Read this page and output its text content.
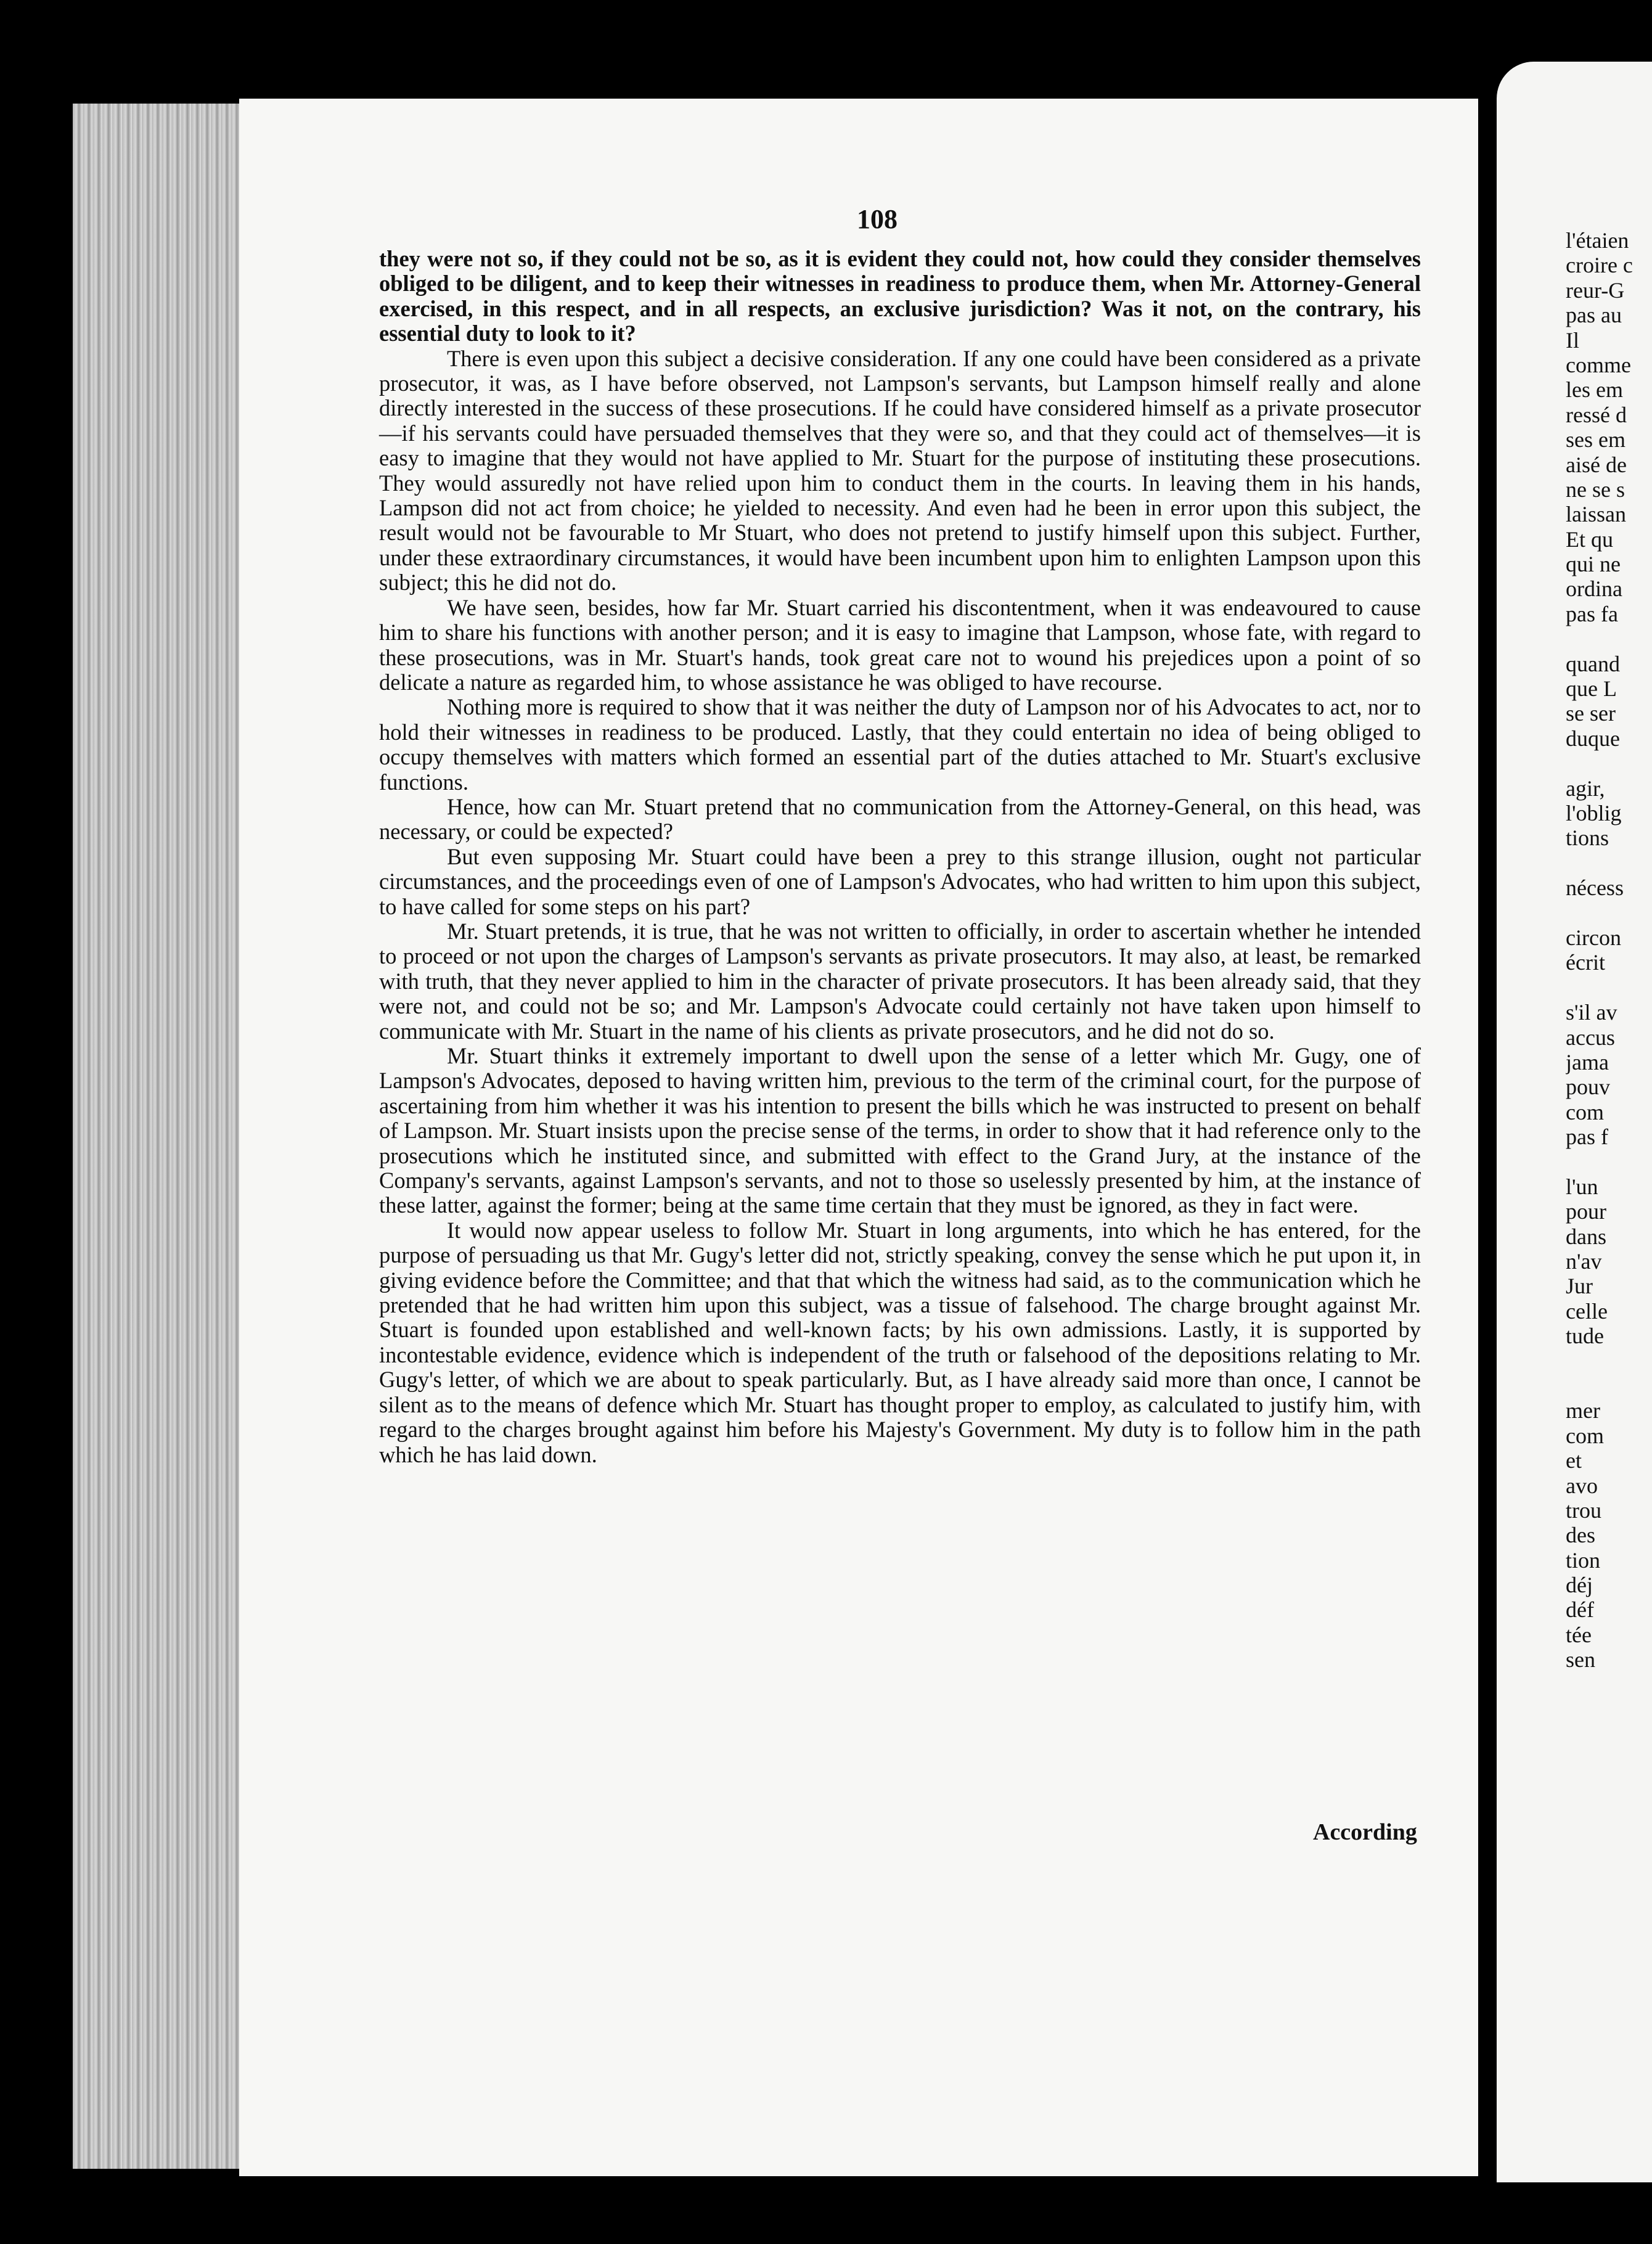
108

they were not so, if they could not be so, as it is evident they could not, how could they consider themselves obliged to be diligent, and to keep their witnesses in readiness to produce them, when Mr. Attorney-General exercised, in this respect, and in all respects, an exclusive jurisdiction? Was it not, on the contrary, his essential duty to look to it?

There is even upon this subject a decisive consideration. If any one could have been considered as a private prosecutor, it was, as I have before observed, not Lampson's servants, but Lampson himself really and alone directly interested in the success of these prosecutions. If he could have considered himself as a private prosecutor—if his servants could have persuaded themselves that they were so, and that they could act of themselves—it is easy to imagine that they would not have applied to Mr. Stuart for the purpose of instituting these prosecutions. They would assuredly not have relied upon him to conduct them in the courts. In leaving them in his hands, Lampson did not act from choice; he yielded to necessity. And even had he been in error upon this subject, the result would not be favourable to Mr Stuart, who does not pretend to justify himself upon this subject. Further, under these extraordinary circumstances, it would have been incumbent upon him to enlighten Lampson upon this subject; this he did not do.

We have seen, besides, how far Mr. Stuart carried his discontentment, when it was endeavoured to cause him to share his functions with another person; and it is easy to imagine that Lampson, whose fate, with regard to these prosecutions, was in Mr. Stuart's hands, took great care not to wound his prejedices upon a point of so delicate a nature as regarded him, to whose assistance he was obliged to have recourse.

Nothing more is required to show that it was neither the duty of Lampson nor of his Advocates to act, nor to hold their witnesses in readiness to be produced. Lastly, that they could entertain no idea of being obliged to occupy themselves with matters which formed an essential part of the duties attached to Mr. Stuart's exclusive functions.

Hence, how can Mr. Stuart pretend that no communication from the Attorney-General, on this head, was necessary, or could be expected?

But even supposing Mr. Stuart could have been a prey to this strange illusion, ought not particular circumstances, and the proceedings even of one of Lampson's Advocates, who had written to him upon this subject, to have called for some steps on his part?

Mr. Stuart pretends, it is true, that he was not written to officially, in order to ascertain whether he intended to proceed or not upon the charges of Lampson's servants as private prosecutors. It may also, at least, be remarked with truth, that they never applied to him in the character of private prosecutors. It has been already said, that they were not, and could not be so; and Mr. Lampson's Advocate could certainly not have taken upon himself to communicate with Mr. Stuart in the name of his clients as private prosecutors, and he did not do so.

Mr. Stuart thinks it extremely important to dwell upon the sense of a letter which Mr. Gugy, one of Lampson's Advocates, deposed to having written him, previous to the term of the criminal court, for the purpose of ascertaining from him whether it was his intention to present the bills which he was instructed to present on behalf of Lampson. Mr. Stuart insists upon the precise sense of the terms, in order to show that it had reference only to the prosecutions which he instituted since, and submitted with effect to the Grand Jury, at the instance of the Company's servants, against Lampson's servants, and not to those so uselessly presented by him, at the instance of these latter, against the former; being at the same time certain that they must be ignored, as they in fact were.

It would now appear useless to follow Mr. Stuart in long arguments, into which he has entered, for the purpose of persuading us that Mr. Gugy's letter did not, strictly speaking, convey the sense which he put upon it, in giving evidence before the Committee; and that that which the witness had said, as to the communication which he pretended that he had written him upon this subject, was a tissue of falsehood. The charge brought against Mr. Stuart is founded upon established and well-known facts; by his own admissions. Lastly, it is supported by incontestable evidence, evidence which is independent of the truth or falsehood of the depositions relating to Mr. Gugy's letter, of which we are about to speak particularly. But, as I have already said more than once, I cannot be silent as to the means of defence which Mr. Stuart has thought proper to employ, as calculated to justify him, with regard to the charges brought against him before his Majesty's Government. My duty is to follow him in the path which he has laid down.

According
l'étaien
croire c
reur-G
pas au
Il
comme
les em
ressé d
ses em
aisé de
ne se s
laissan
Et qu
qui ne
ordina
pas fa
quand
que L
se ser
duque
agir,
l'oblig
tions
nécess
circon
écrit
s'il av
accus
jama
pouv
com
pas f
l'un
pour
dans
n'av
Jur
celle
tude
mer
com
et
avo
trou
des
tion
déj
déf
tée
sen
